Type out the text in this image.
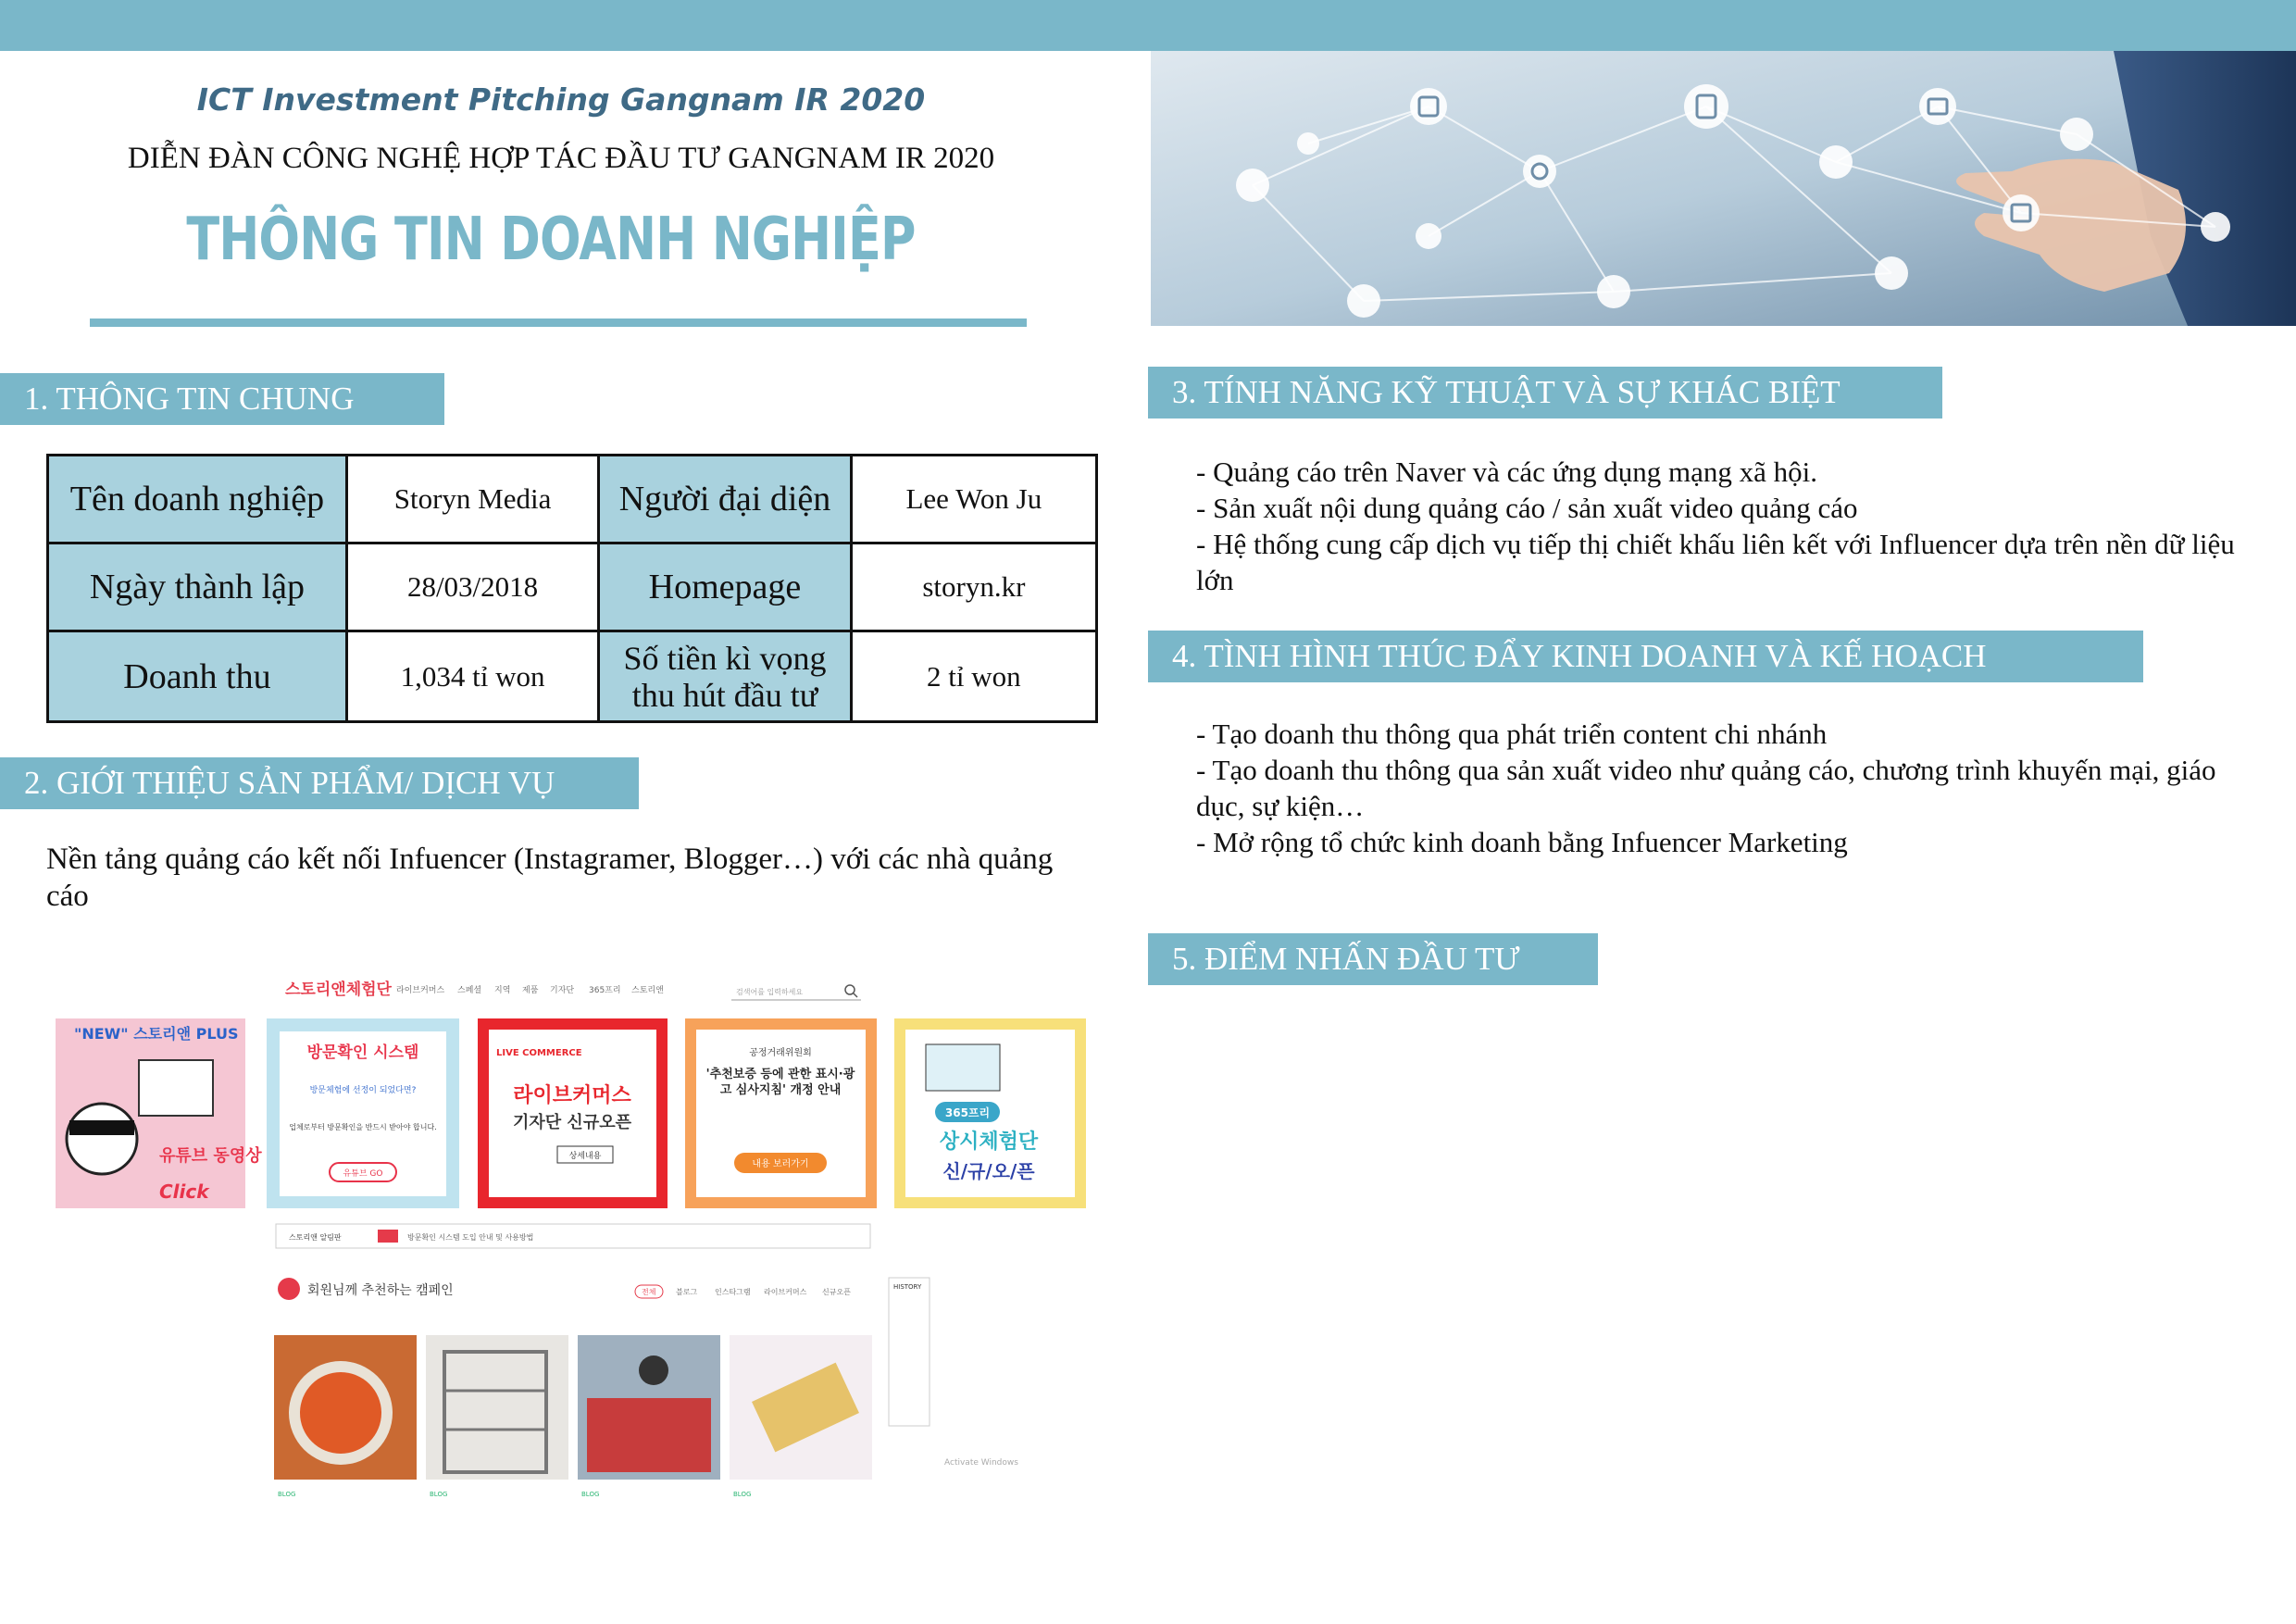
ICT Investment Pitching Gangnam IR 2020
DIỄN ĐÀN CÔNG NGHỆ HỢP TÁC ĐẦU TƯ GANGNAM IR 2020
THÔNG TIN DOANH NGHIỆP
1. THÔNG TIN CHUNG
Tên doanh nghiệp	Storyn Media	Người đại diện	Lee Won Ju
Ngày thành lập	28/03/2018	Homepage	storyn.kr
Doanh thu	1,034 tỉ won	Số tiền kì vọng thu hút đầu tư	2 tỉ won
2. GIỚI THIỆU SẢN PHẨM/ DỊCH VỤ
Nền tảng quảng cáo kết nối Infuencer (Instagramer, Blogger…) với các nhà quảng cáo
스토리앤체험단 라이브커머스 스페셜 지역 제품 기자단 365프리 스토리앤	검색어를 입력하세요
"NEW" 스토리앤 PLUS
유튜브 동영상
Click
방문확인 시스템
방문체험에 선정이 되었다면?
업체로부터 방문확인을 반드시 받아야 합니다.
유튜브 GO
LIVE COMMERCE
라이브커머스
기자단 신규오픈
상세내용
공정거래위원회
'추천보증 등에 관한 표시·광고 심사지침' 개정 안내
내용 보러가기
365프리
상시체험단
신/규/오/픈
스토리앤 알림판	방문확인 시스템 도입 안내 및 사용방법
회원님께 추천하는 캠페인	전체	블로그 인스타그램 라이브커머스 신규오픈
HISTORY
BLOG	BLOG	BLOG	BLOG
Activate Windows
3. TÍNH NĂNG KỸ THUẬT VÀ SỰ KHÁC BIỆT
- Quảng cáo trên Naver và các ứng dụng mạng xã hội.
- Sản xuất nội dung quảng cáo / sản xuất video quảng cáo
- Hệ thống cung cấp dịch vụ tiếp thị chiết khấu liên kết với Influencer dựa trên nền dữ liệu lớn
4. TÌNH HÌNH THÚC ĐẨY KINH DOANH VÀ KẾ HOẠCH
- Tạo doanh thu thông qua phát triển content chi nhánh
- Tạo doanh thu thông qua sản xuất video như quảng cáo, chương trình khuyến mại, giáo dục, sự kiện…
- Mở rộng tổ chức kinh doanh bằng Infuencer Marketing
5. ĐIỂM NHẤN ĐẦU TƯ
